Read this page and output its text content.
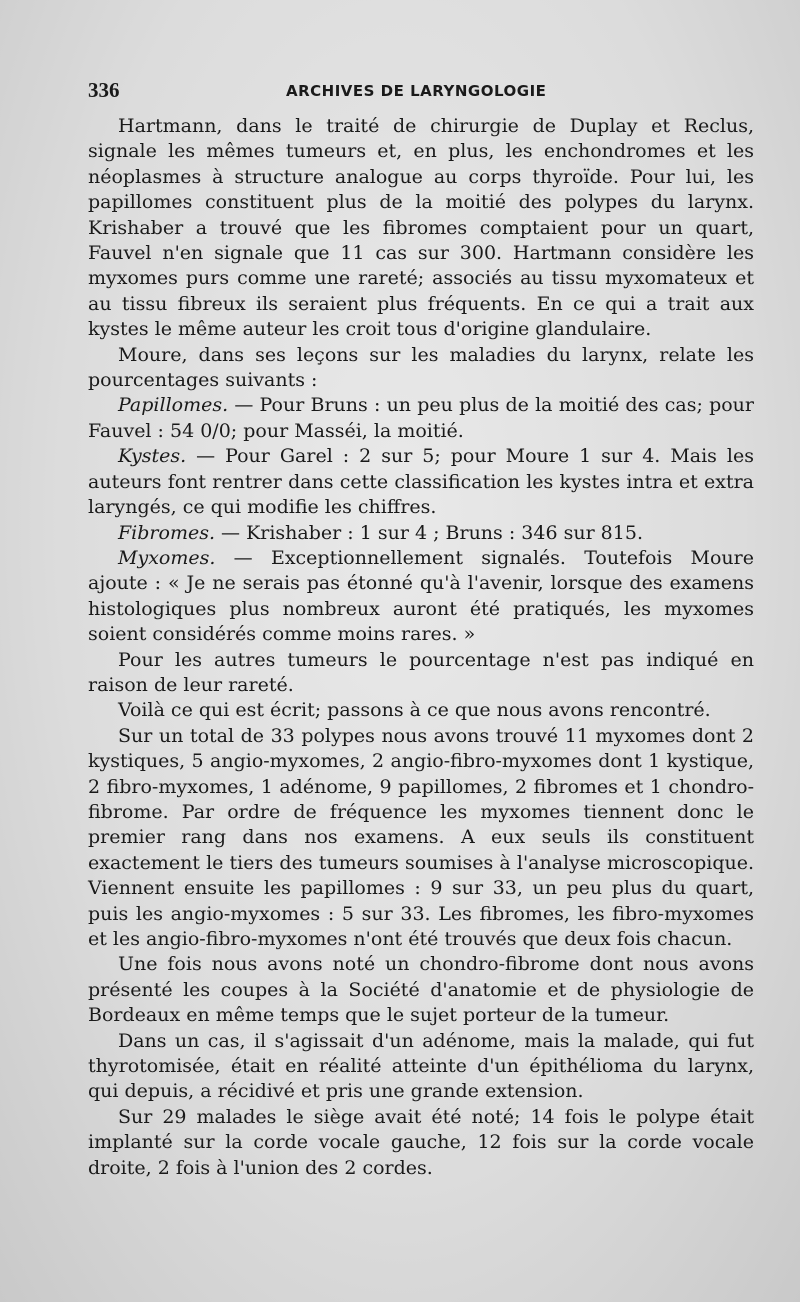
336	ARCHIVES DE LARYNGOLOGIE

Hartmann, dans le traité de chirurgie de Duplay et Reclus, signale les mêmes tumeurs et, en plus, les enchondromes et les néoplasmes à structure analogue au corps thyroïde. Pour lui, les papillomes constituent plus de la moitié des polypes du larynx. Krishaber a trouvé que les fibromes comptaient pour un quart, Fauvel n'en signale que 11 cas sur 300. Hartmann considère les myxomes purs comme une rareté; associés au tissu myxomateux et au tissu fibreux ils seraient plus fréquents. En ce qui a trait aux kystes le même auteur les croit tous d'origine glandulaire.

Moure, dans ses leçons sur les maladies du larynx, relate les pourcentages suivants :

Papillomes. — Pour Bruns : un peu plus de la moitié des cas; pour Fauvel : 54 0/0; pour Masséi, la moitié.

Kystes. — Pour Garel : 2 sur 5; pour Moure 1 sur 4. Mais les auteurs font rentrer dans cette classification les kystes intra et extra laryngés, ce qui modifie les chiffres.

Fibromes. — Krishaber : 1 sur 4 ; Bruns : 346 sur 815.

Myxomes. — Exceptionnellement signalés. Toutefois Moure ajoute : « Je ne serais pas étonné qu'à l'avenir, lorsque des examens histologiques plus nombreux auront été pratiqués, les myxomes soient considérés comme moins rares. »

Pour les autres tumeurs le pourcentage n'est pas indiqué en raison de leur rareté.

Voilà ce qui est écrit; passons à ce que nous avons rencontré.

Sur un total de 33 polypes nous avons trouvé 11 myxomes dont 2 kystiques, 5 angio-myxomes, 2 angio-fibro-myxomes dont 1 kystique, 2 fibro-myxomes, 1 adénome, 9 papillomes, 2 fibromes et 1 chondro-fibrome. Par ordre de fréquence les myxomes tiennent donc le premier rang dans nos examens. A eux seuls ils constituent exactement le tiers des tumeurs soumises à l'analyse microscopique. Viennent ensuite les papillomes : 9 sur 33, un peu plus du quart, puis les angio-myxomes : 5 sur 33. Les fibromes, les fibro-myxomes et les angio-fibro-myxomes n'ont été trouvés que deux fois chacun.

Une fois nous avons noté un chondro-fibrome dont nous avons présenté les coupes à la Société d'anatomie et de physiologie de Bordeaux en même temps que le sujet porteur de la tumeur.

Dans un cas, il s'agissait d'un adénome, mais la malade, qui fut thyrotomisée, était en réalité atteinte d'un épithélioma du larynx, qui depuis, a récidivé et pris une grande extension.

Sur 29 malades le siège avait été noté; 14 fois le polype était implanté sur la corde vocale gauche, 12 fois sur la corde vocale droite, 2 fois à l'union des 2 cordes.
